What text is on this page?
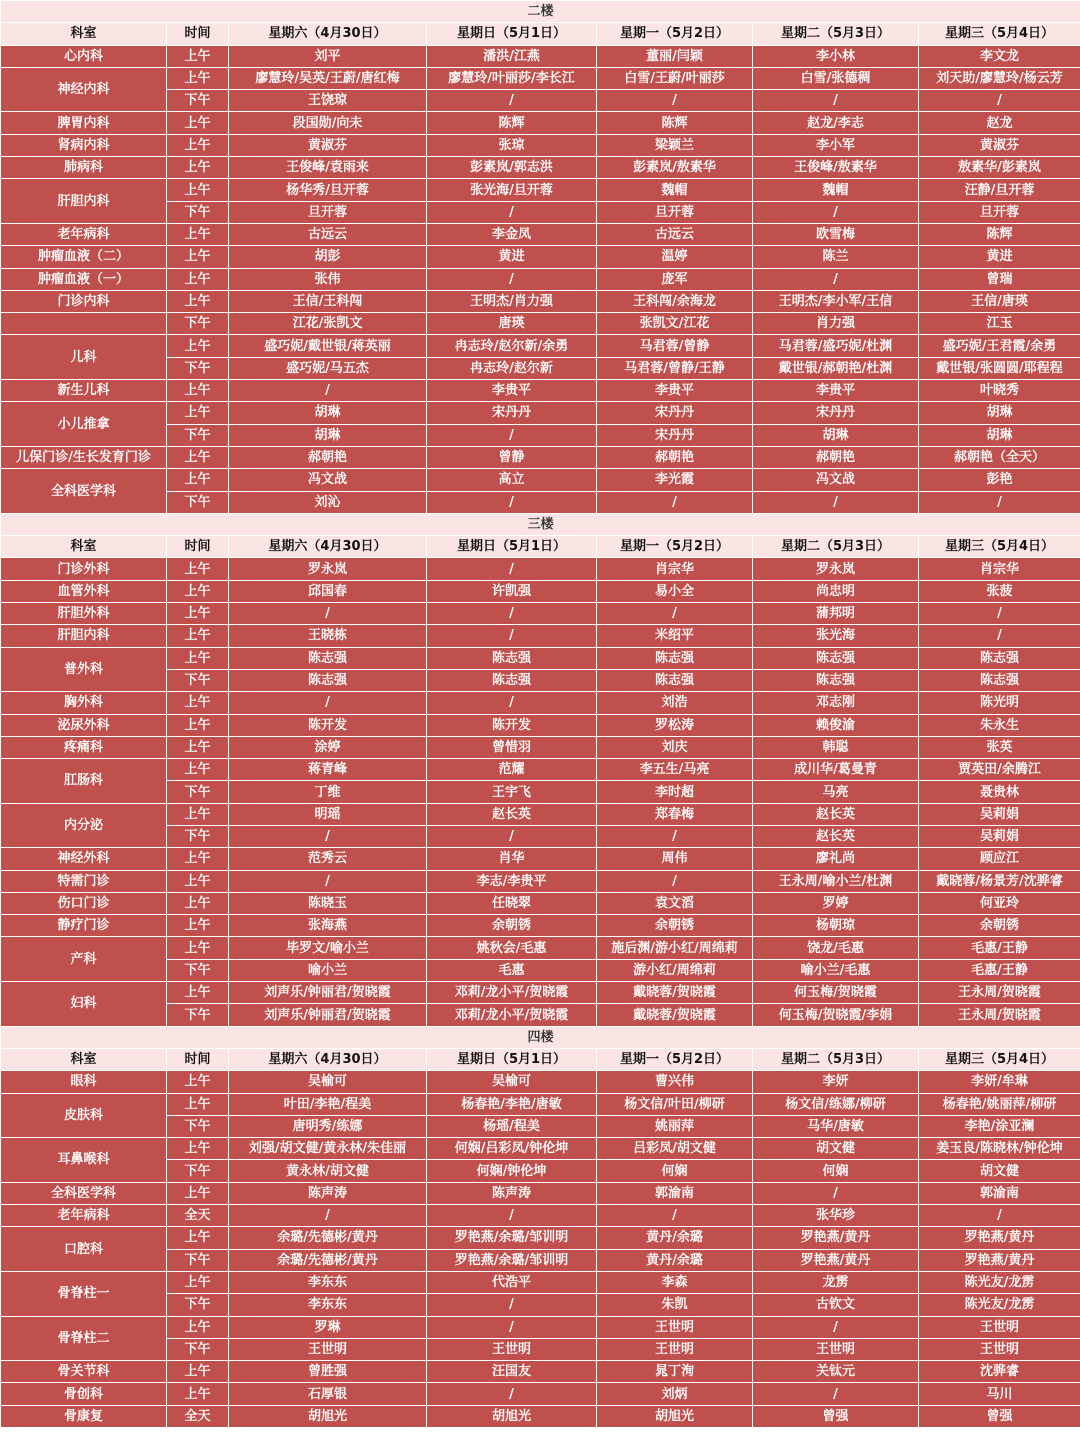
二楼						
科室	时间	星期六（4月30日）	星期日（5月1日）	星期一（5月2日）	星期二（5月3日）	星期三（5月4日）
心内科	上午	刘平	潘洪/江燕	董丽/闫颖	李小林	李文龙
神经内科	上午	廖慧玲/吴英/王蔚/唐红梅	廖慧玲/叶丽莎/李长江	白雪/王蔚/叶丽莎	白雪/张德稠	刘天助/廖慧玲/杨云芳
	下午	王饶琼	/	/	/	/
脾胃内科	上午	段国勋/向未	陈辉	陈辉	赵龙/李志	赵龙
肾病内科	上午	黄淑芬	张琼	梁颖兰	李小军	黄淑芬
肺病科	上午	王俊峰/袁雨来	彭素岚/郭志洪	彭素岚/敖素华	王俊峰/敖素华	敖素华/彭素岚
肝胆内科	上午	杨华秀/旦开蓉	张光海/旦开蓉	魏帽	魏帽	汪静/旦开蓉
	下午	旦开蓉	/	旦开蓉	/	旦开蓉
老年病科	上午	古远云	李金凤	古远云	欧雪梅	陈辉
肿瘤血液（二）	上午	胡彭	黄进	温婷	陈兰	黄进
肿瘤血液（一）	上午	张伟	/	庞军	/	曾瑞
门诊内科	上午	王信/王科闯	王明杰/肖力强	王科闯/余海龙	王明杰/李小军/王信	王信/唐瑛
	下午	江花/张凯文	唐瑛	张凯文/江花	肖力强	江玉
儿科	上午	盛巧妮/戴世银/蒋英丽	冉志玲/赵尔新/余勇	马君蓉/曾静	马君蓉/盛巧妮/杜渊	盛巧妮/王君霞/余勇
	下午	盛巧妮/马五杰	冉志玲/赵尔新	马君蓉/曾静/王静	戴世银/郝朝艳/杜渊	戴世银/张圆圆/耶程程
新生儿科	上午	/	李贵平	李贵平	李贵平	叶晓秀
小儿推拿	上午	胡琳	宋丹丹	宋丹丹	宋丹丹	胡琳
	下午	胡琳	/	宋丹丹	胡琳	胡琳
儿保门诊/生长发育门诊	上午	郝朝艳	曾静	郝朝艳	郝朝艳	郝朝艳（全天）
全科医学科	上午	冯文战	高立	李光霞	冯文战	彭艳
	下午	刘沁	/	/	/	/
三楼						
科室	时间	星期六（4月30日）	星期日（5月1日）	星期一（5月2日）	星期二（5月3日）	星期三（5月4日）
门诊外科	上午	罗永岚	/	肖宗华	罗永岚	肖宗华
血管外科	上午	邱国春	许凯强	易小全	尚忠明	张菠
肝胆外科	上午	/	/	/	蒲邦明	/
肝胆内科	上午	王晓栋	/	米绍平	张光海	/
普外科	上午	陈志强	陈志强	陈志强	陈志强	陈志强
	下午	陈志强	陈志强	陈志强	陈志强	陈志强
胸外科	上午	/	/	刘浩	邓志刚	陈光明
泌尿外科	上午	陈开发	陈开发	罗松涛	赖俊渝	朱永生
疼痛科	上午	涂婷	曾惜羽	刘庆	韩聪	张英
肛肠科	上午	蒋青峰	范耀	李五生/马亮	成川华/葛曼青	贾英田/余腾江
	下午	丁维	王宇飞	李时超	马亮	聂贵林
内分泌	上午	明瑶	赵长英	郑春梅	赵长英	吴莉娟
	下午	/	/	/	赵长英	吴莉娟
神经外科	上午	范秀云	肖华	周伟	廖礼尚	顾应江
特需门诊	上午	/	李志/李贵平	/	王永周/喻小兰/杜渊	戴晓蓉/杨景芳/沈骅睿
伤口门诊	上午	陈晓玉	任晓翠	袁文滔	罗婷	何亚玲
静疗门诊	上午	张海燕	余朝锈	余朝锈	杨朝琼	余朝锈
产科	上午	毕罗文/喻小兰	姚秋会/毛惠	施后渊/游小红/周绵莉	饶龙/毛惠	毛惠/王静
	下午	喻小兰	毛惠	游小红/周绵莉	喻小兰/毛惠	毛惠/王静
妇科	上午	刘声乐/钟丽君/贺晓霞	邓莉/龙小平/贺晓霞	戴晓蓉/贺晓霞	何玉梅/贺晓霞	王永周/贺晓霞
	下午	刘声乐/钟丽君/贺晓霞	邓莉/龙小平/贺晓霞	戴晓蓉/贺晓霞	何玉梅/贺晓霞/李娟	王永周/贺晓霞
四楼						
科室	时间	星期六（4月30日）	星期日（5月1日）	星期一（5月2日）	星期二（5月3日）	星期三（5月4日）
眼科	上午	吴榆可	吴榆可	曹兴伟	李妍	李妍/牟琳
皮肤科	上午	叶田/李艳/程美	杨春艳/李艳/唐敏	杨文信/叶田/柳研	杨文信/练娜/柳研	杨春艳/姚丽萍/柳研
	下午	唐明秀/练娜	杨瑶/程美	姚丽萍	马华/唐敏	李艳/涂亚澜
耳鼻喉科	上午	刘强/胡文健/黄永林/朱佳丽	何娴/吕彩凤/钟伦坤	吕彩凤/胡文健	胡文健	姜玉良/陈晓林/钟伦坤
	下午	黄永林/胡文健	何娴/钟伦坤	何娴	何娴	胡文健
全科医学科	上午	陈声涛	陈声涛	郭渝南	/	郭渝南
老年病科	全天	/	/	/	张华珍	/
口腔科	上午	余璐/先德彬/黄丹	罗艳燕/余璐/邹训明	黄丹/余璐	罗艳燕/黄丹	罗艳燕/黄丹
	下午	余璐/先德彬/黄丹	罗艳燕/余璐/邹训明	黄丹/余璐	罗艳燕/黄丹	罗艳燕/黄丹
骨脊柱一	上午	李东东	代浩平	李森	龙雳	陈光友/龙雳
	下午	李东东	/	朱凯	古钦文	陈光友/龙雳
骨脊柱二	上午	罗琳	/	王世明	/	王世明
	下午	王世明	王世明	王世明	王世明	王世明
骨关节科	上午	曾胜强	汪国友	晁丁洵	关钛元	沈骅睿
骨创科	上午	石厚银	/	刘炳	/	马川
骨康复	全天	胡旭光	胡旭光	胡旭光	曾强	曾强
